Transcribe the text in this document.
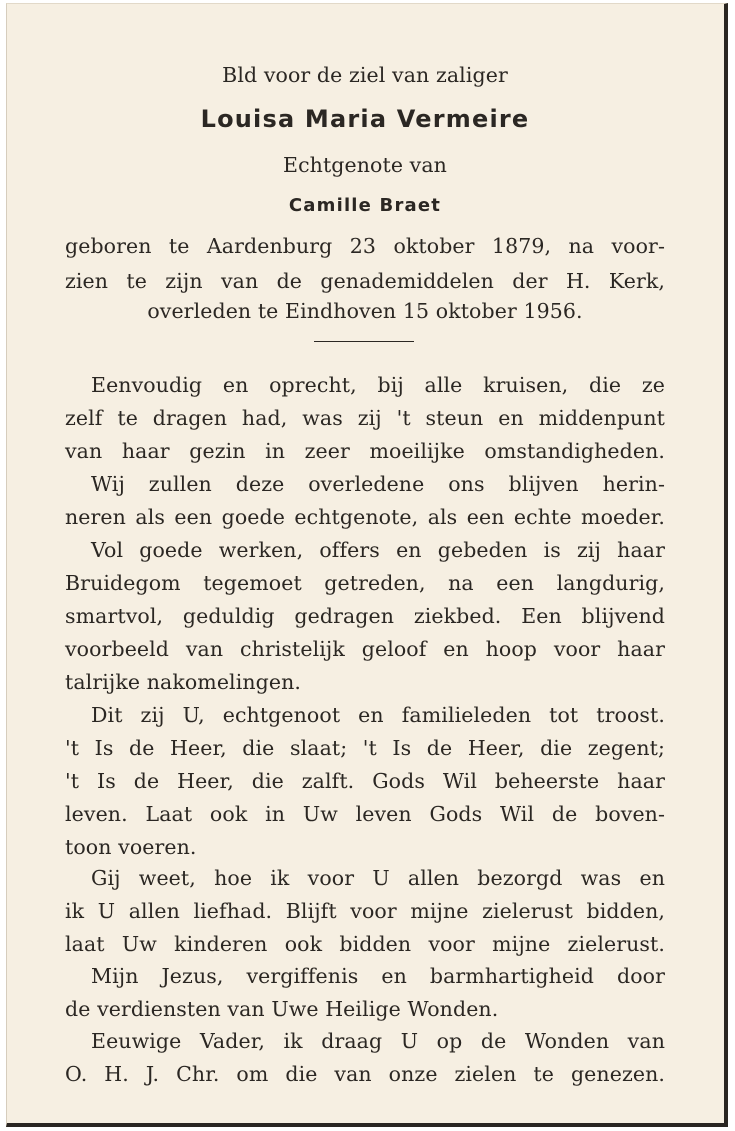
Bld voor de ziel van zaliger
Louisa Maria Vermeire
Echtgenote van
Camille Braet
geboren te Aardenburg 23 oktober 1879, na voor-
zien te zijn van de genademiddelen der H. Kerk,
overleden te Eindhoven 15 oktober 1956.
Eenvoudig en oprecht, bij alle kruisen, die ze
zelf te dragen had, was zij 't steun en middenpunt
van haar gezin in zeer moeilijke omstandigheden.
Wij zullen deze overledene ons blijven herin-
neren als een goede echtgenote, als een echte moeder.
Vol goede werken, offers en gebeden is zij haar
Bruidegom tegemoet getreden, na een langdurig,
smartvol, geduldig gedragen ziekbed. Een blijvend
voorbeeld van christelijk geloof en hoop voor haar
talrijke nakomelingen.
Dit zij U, echtgenoot en familieleden tot troost.
't Is de Heer, die slaat; 't Is de Heer, die zegent;
't Is de Heer, die zalft. Gods Wil beheerste haar
leven. Laat ook in Uw leven Gods Wil de boven-
toon voeren.
Gij weet, hoe ik voor U allen bezorgd was en
ik U allen liefhad. Blijft voor mijne zielerust bidden,
laat Uw kinderen ook bidden voor mijne zielerust.
Mijn Jezus, vergiffenis en barmhartigheid door
de verdiensten van Uwe Heilige Wonden.
Eeuwige Vader, ik draag U op de Wonden van
O. H. J. Chr. om die van onze zielen te genezen.
